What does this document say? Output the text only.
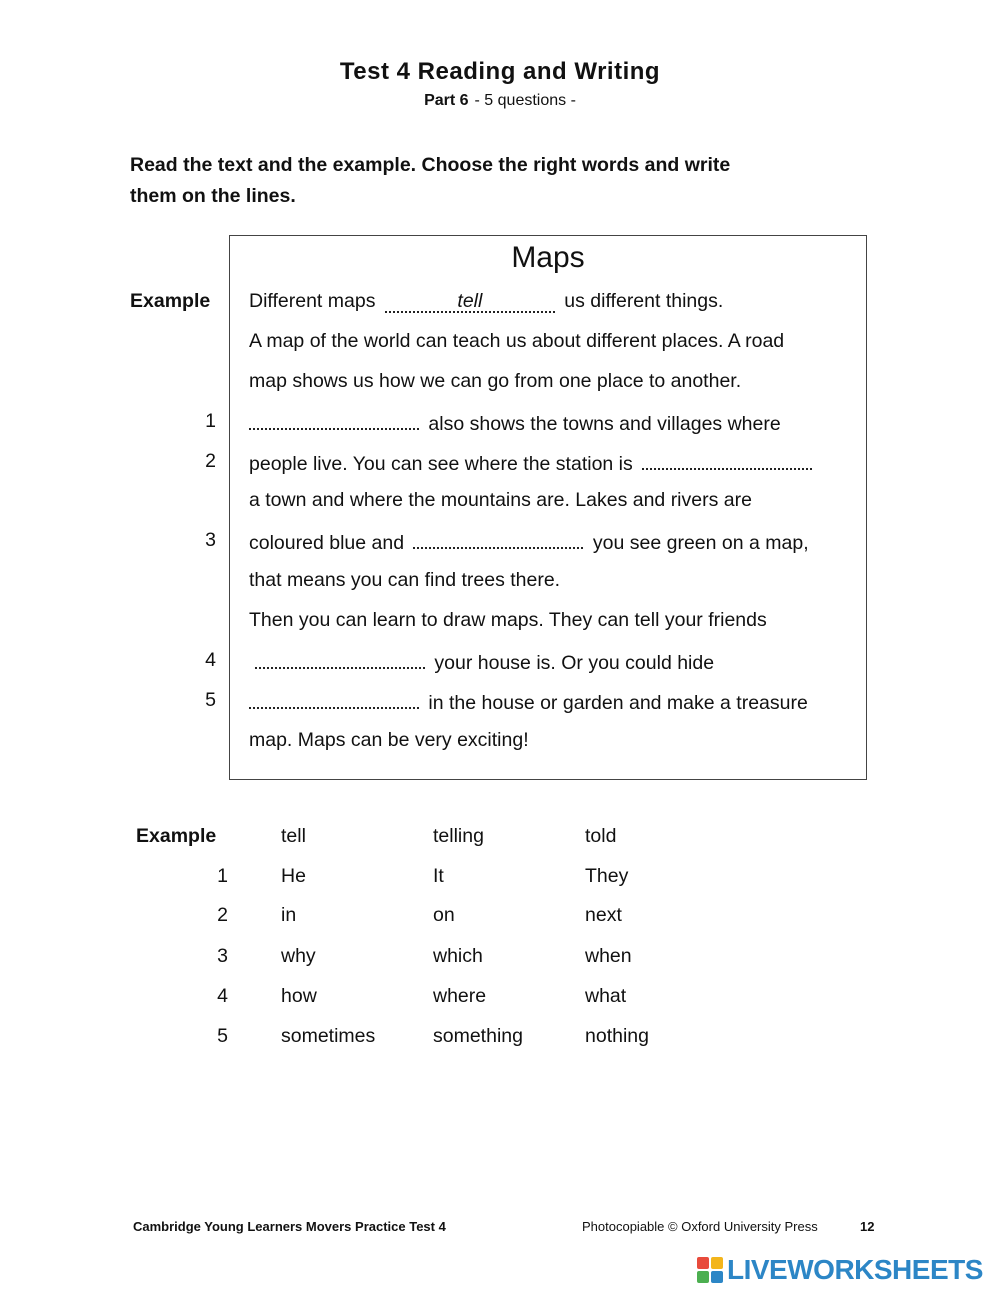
Test 4 Reading and Writing
Part 6 - 5 questions -
Read the text and the example. Choose the right words and write
them on the lines.
Maps
Example
1
2
3
4
5
Different maps	tell	us different things.
A map of the world can teach us about different places. A road
map shows us how we can go from one place to another.
also shows the towns and villages where
people live. You can see where the station is
a town and where the mountains are. Lakes and rivers are
coloured blue and	you see green on a map,
that means you can find trees there.
Then you can learn to draw maps. They can tell your friends
your house is. Or you could hide
in the house or garden and make a treasure
map. Maps can be very exciting!
Example	tell	telling	told
1	He	It	They
2	in	on	next
3	why	which	when
4	how	where	what
5	sometimes	something	nothing
Cambridge Young Learners Movers Practice Test 4	Photocopiable © Oxford University Press	12
LIVEWORKSHEETS
